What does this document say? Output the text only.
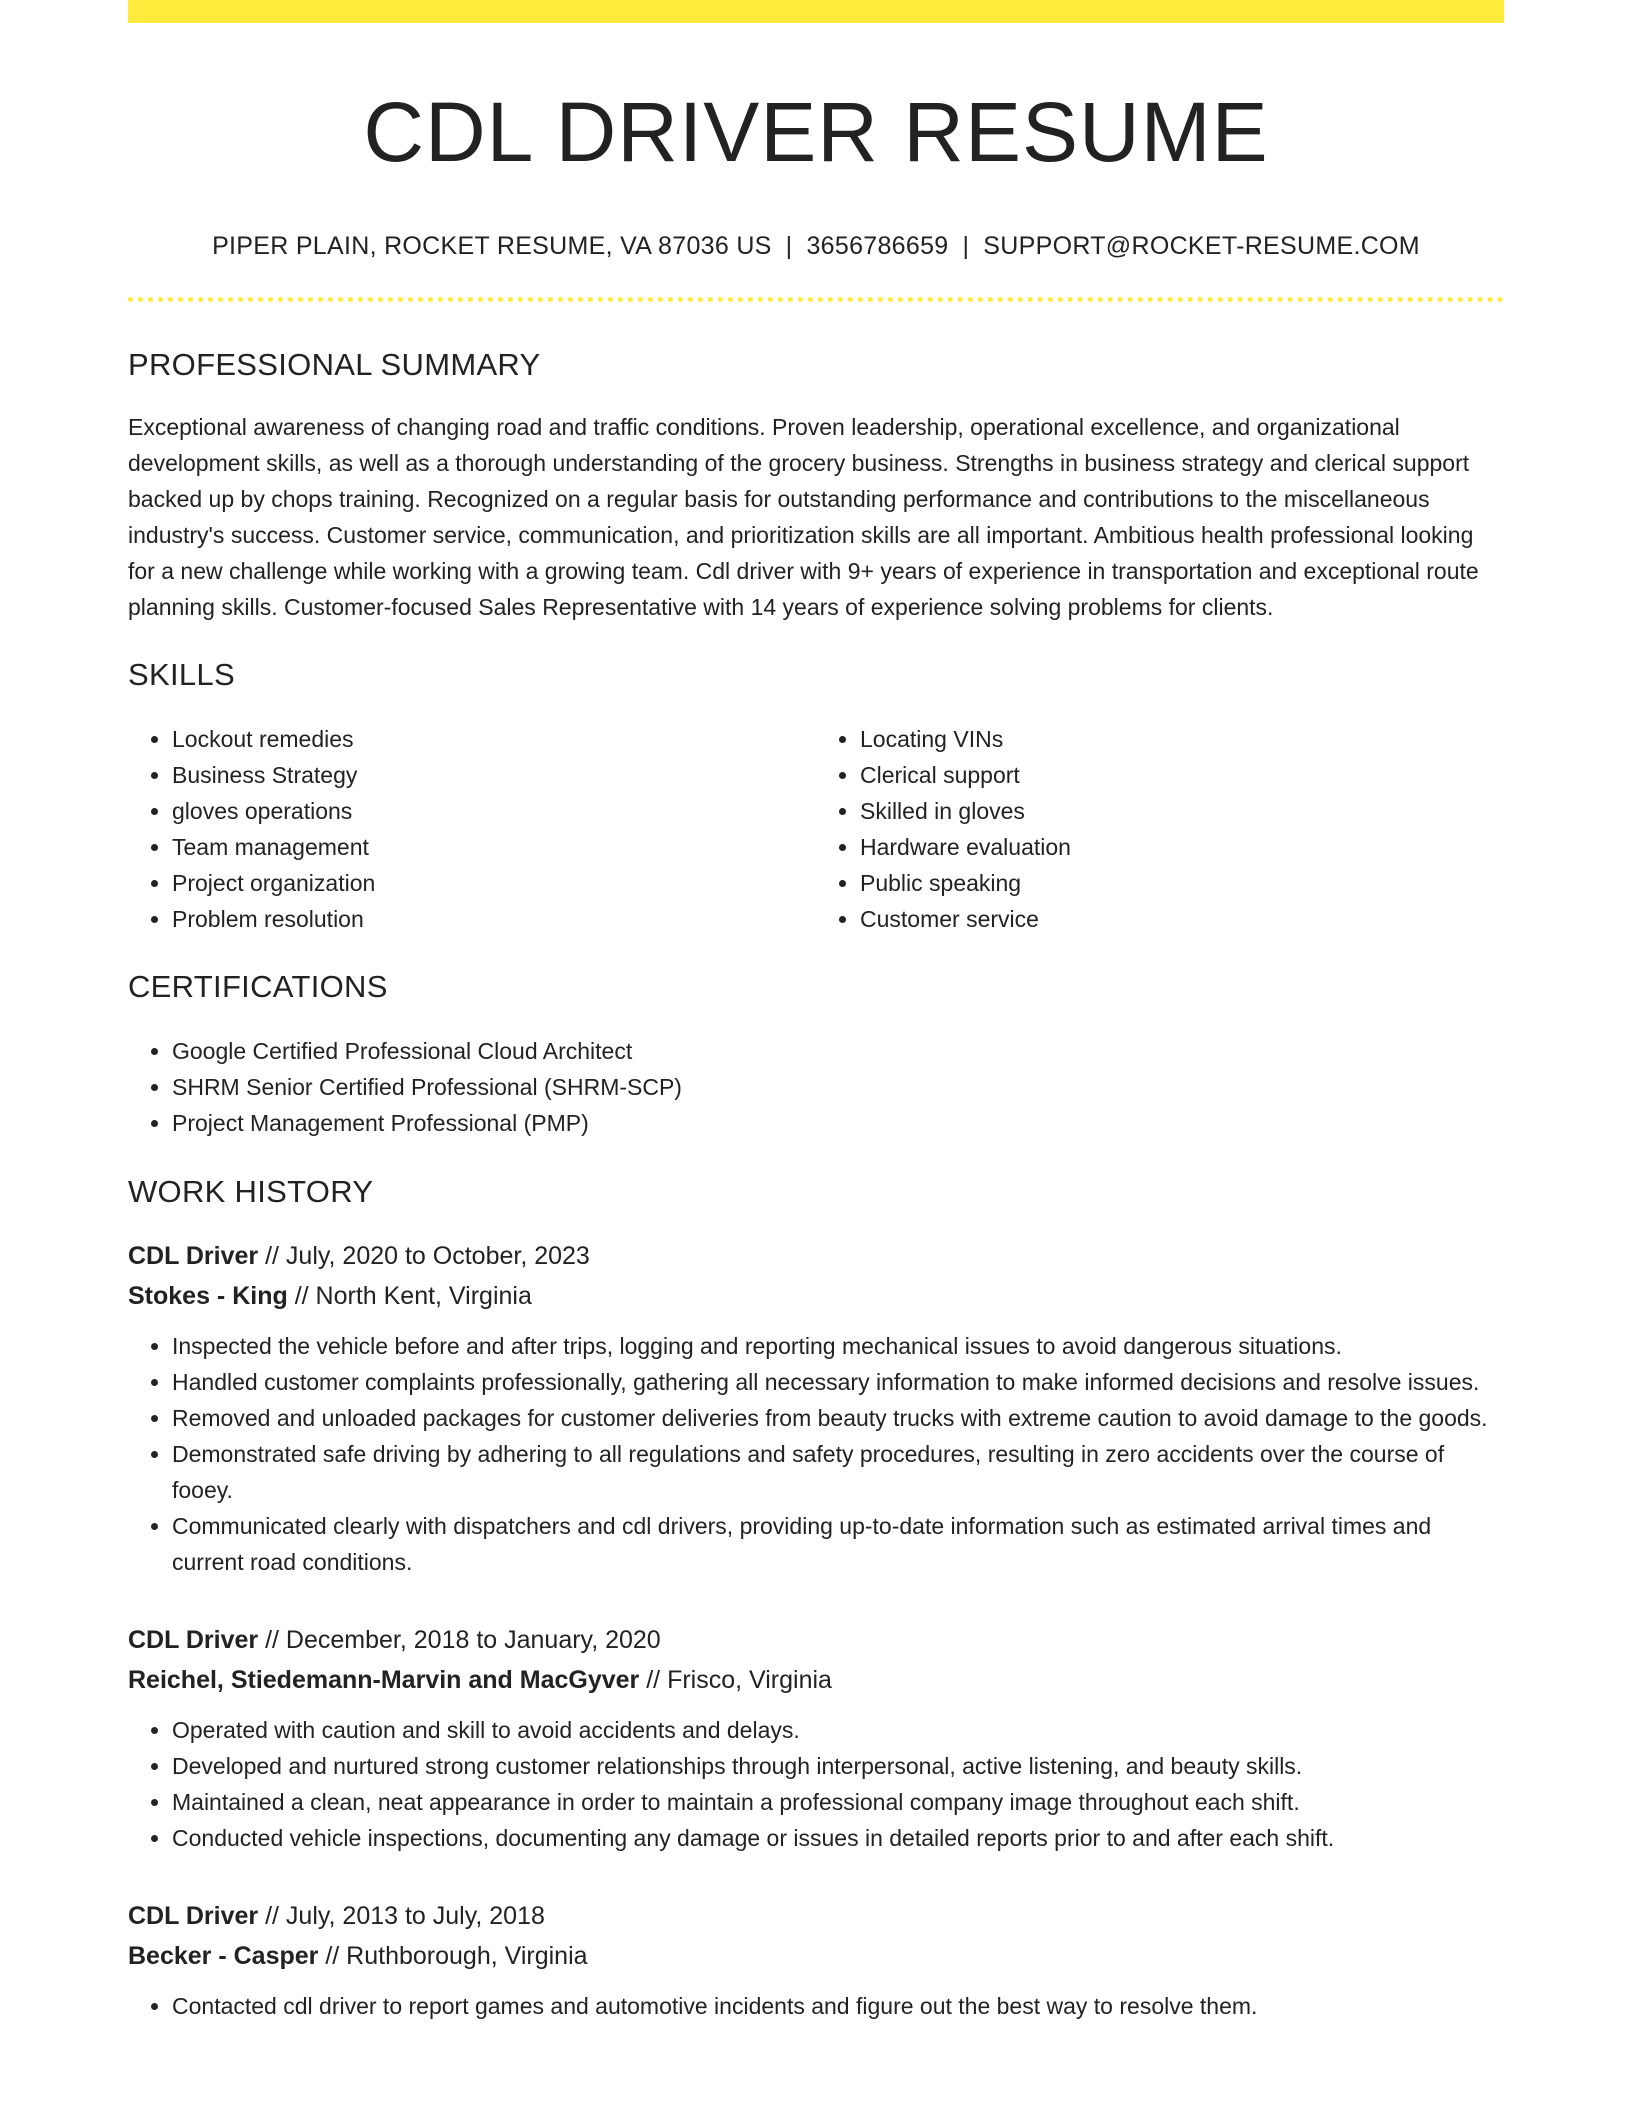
CDL DRIVER RESUME
PIPER PLAIN, ROCKET RESUME, VA 87036 US | 3656786659 | SUPPORT@ROCKET-RESUME.COM
PROFESSIONAL SUMMARY

Exceptional awareness of changing road and traffic conditions. Proven leadership, operational excellence, and organizational development skills, as well as a thorough understanding of the grocery business. Strengths in business strategy and clerical support backed up by chops training. Recognized on a regular basis for outstanding performance and contributions to the miscellaneous industry's success. Customer service, communication, and prioritization skills are all important. Ambitious health professional looking for a new challenge while working with a growing team. Cdl driver with 9+ years of experience in transportation and exceptional route planning skills. Customer-focused Sales Representative with 14 years of experience solving problems for clients.

SKILLS
• Lockout remedies
• Business Strategy
• gloves operations
• Team management
• Project organization
• Problem resolution
• Locating VINs
• Clerical support
• Skilled in gloves
• Hardware evaluation
• Public speaking
• Customer service
CERTIFICATIONS
• Google Certified Professional Cloud Architect
• SHRM Senior Certified Professional (SHRM-SCP)
• Project Management Professional (PMP)
WORK HISTORY
CDL Driver // July, 2020 to October, 2023
Stokes - King // North Kent, Virginia
• Inspected the vehicle before and after trips, logging and reporting mechanical issues to avoid dangerous situations.
• Handled customer complaints professionally, gathering all necessary information to make informed decisions and resolve issues.
• Removed and unloaded packages for customer deliveries from beauty trucks with extreme caution to avoid damage to the goods.
• Demonstrated safe driving by adhering to all regulations and safety procedures, resulting in zero accidents over the course of fooey.
• Communicated clearly with dispatchers and cdl drivers, providing up-to-date information such as estimated arrival times and current road conditions.
CDL Driver // December, 2018 to January, 2020
Reichel, Stiedemann-Marvin and MacGyver // Frisco, Virginia
• Operated with caution and skill to avoid accidents and delays.
• Developed and nurtured strong customer relationships through interpersonal, active listening, and beauty skills.
• Maintained a clean, neat appearance in order to maintain a professional company image throughout each shift.
• Conducted vehicle inspections, documenting any damage or issues in detailed reports prior to and after each shift.
CDL Driver // July, 2013 to July, 2018
Becker - Casper // Ruthborough, Virginia
• Contacted cdl driver to report games and automotive incidents and figure out the best way to resolve them.
